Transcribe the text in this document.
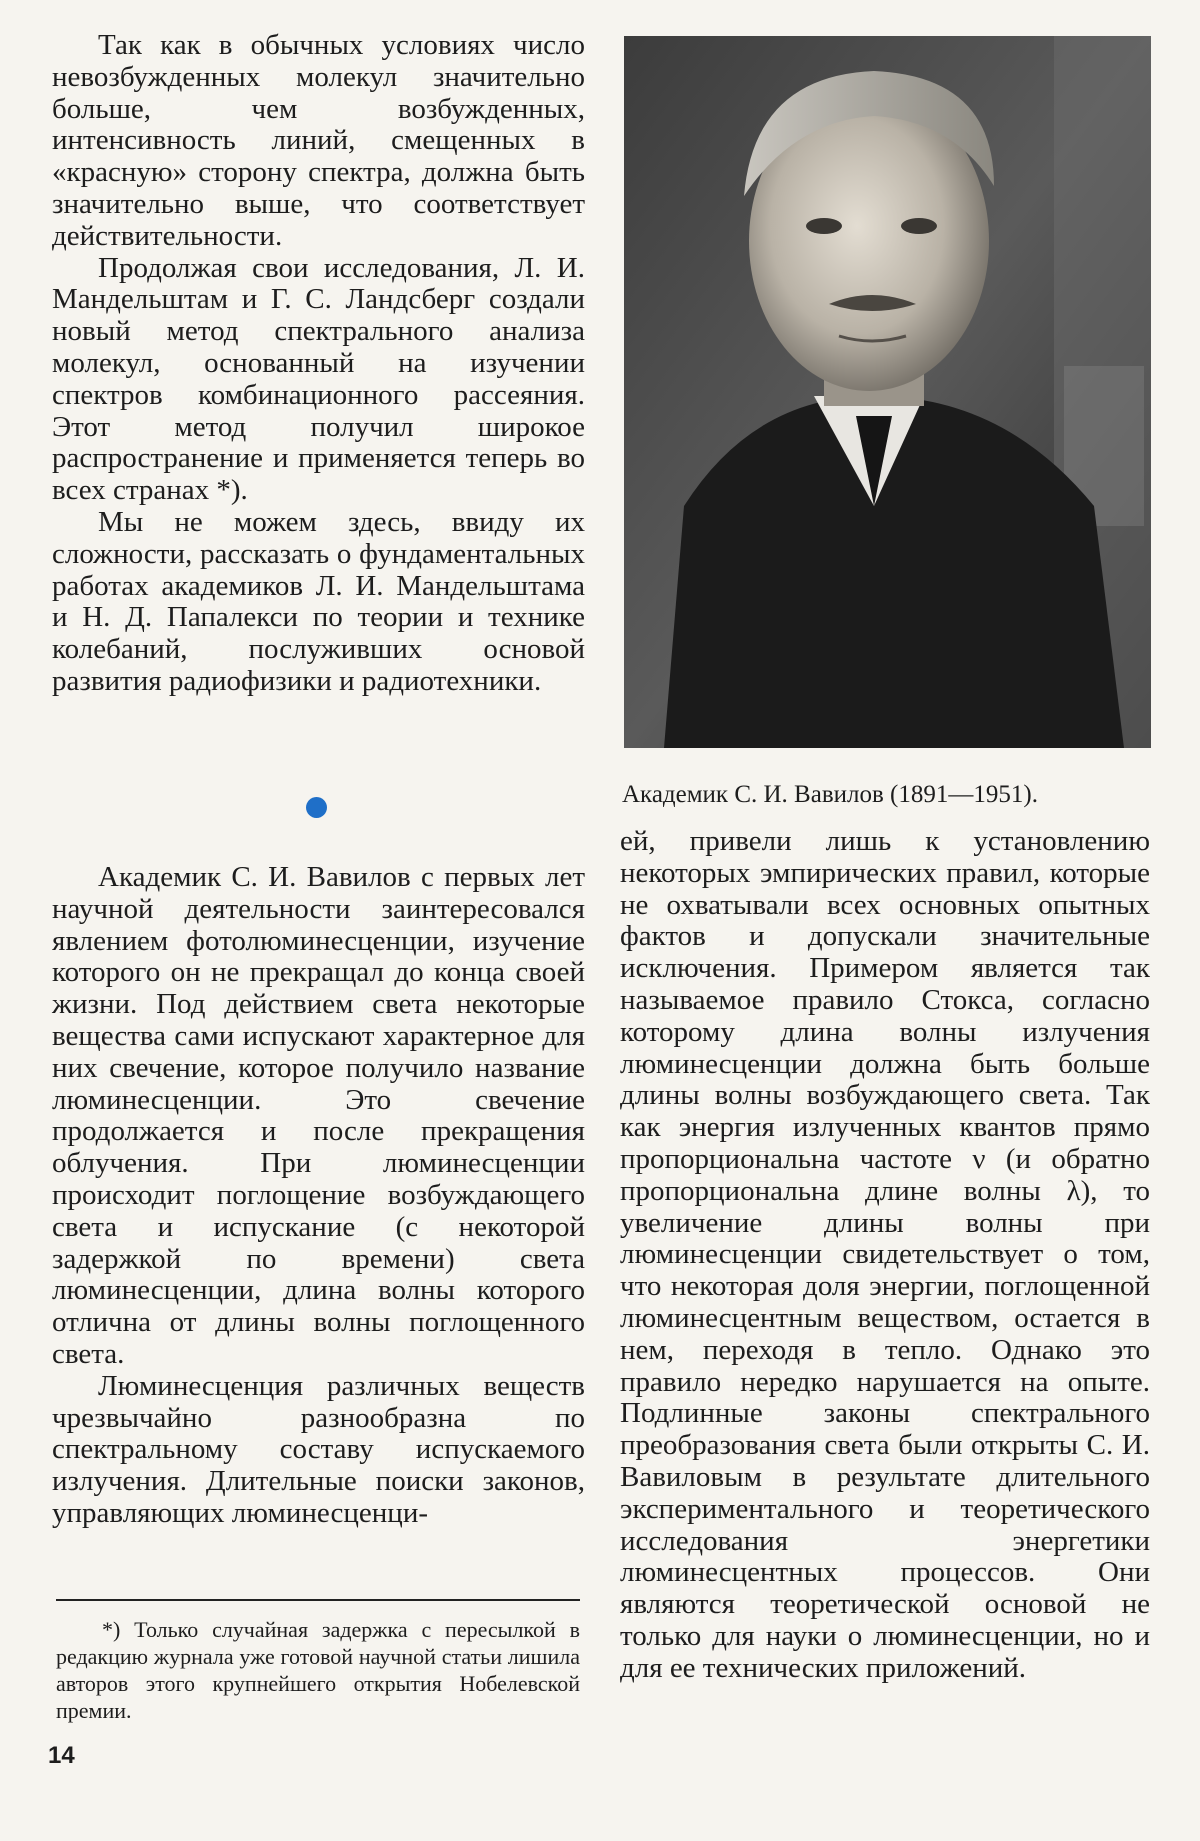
Так как в обычных условиях число невозбужденных молекул значительно больше, чем возбужденных, интенсивность линий, смещенных в «красную» сторону спектра, должна быть значительно выше, что соответствует действительности.

Продолжая свои исследования, Л. И. Мандельштам и Г. С. Ландсберг создали новый метод спектрального анализа молекул, основанный на изучении спектров комбинационного рассеяния. Этот метод получил широкое распространение и применяется теперь во всех странах *).

Мы не можем здесь, ввиду их сложности, рассказать о фундаментальных работах академиков Л. И. Мандельштама и Н. Д. Папалекси по теории и технике колебаний, послуживших основой развития радиофизики и радиотехники.

Академик С. И. Вавилов (1891—1951).

Академик С. И. Вавилов с первых лет научной деятельности заинтересовался явлением фотолюминесценции, изучение которого он не прекращал до конца своей жизни. Под действием света некоторые вещества сами испускают характерное для них свечение, которое получило название люминесценции. Это свечение продолжается и после прекращения облучения. При люминесценции происходит поглощение возбуждающего света и испускание (с некоторой задержкой по времени) света люминесценции, длина волны которого отлична от длины волны поглощенного света.

Люминесценция различных веществ чрезвычайно разнообразна по спектральному составу испускаемого излучения. Длительные поиски законов, управляющих люминесценци-

ей, привели лишь к установлению некоторых эмпирических правил, которые не охватывали всех основных опытных фактов и допускали значительные исключения. Примером является так называемое правило Стокса, согласно которому длина волны излучения люминесценции должна быть больше длины волны возбуждающего света. Так как энергия излученных квантов прямо пропорциональна частоте ν (и обратно пропорциональна длине волны λ), то увеличение длины волны при люминесценции свидетельствует о том, что некоторая доля энергии, поглощенной люминесцентным веществом, остается в нем, переходя в тепло. Однако это правило нередко нарушается на опыте. Подлинные законы спектрального преобразования света были открыты С. И. Вавиловым в результате длительного экспериментального и теоретического исследования энергетики люминесцентных процессов. Они являются теоретической основой не только для науки о люминесценции, но и для ее технических приложений.

*) Только случайная задержка с пересылкой в редакцию журнала уже готовой научной статьи лишила авторов этого крупнейшего открытия Нобелевской премии.
14
